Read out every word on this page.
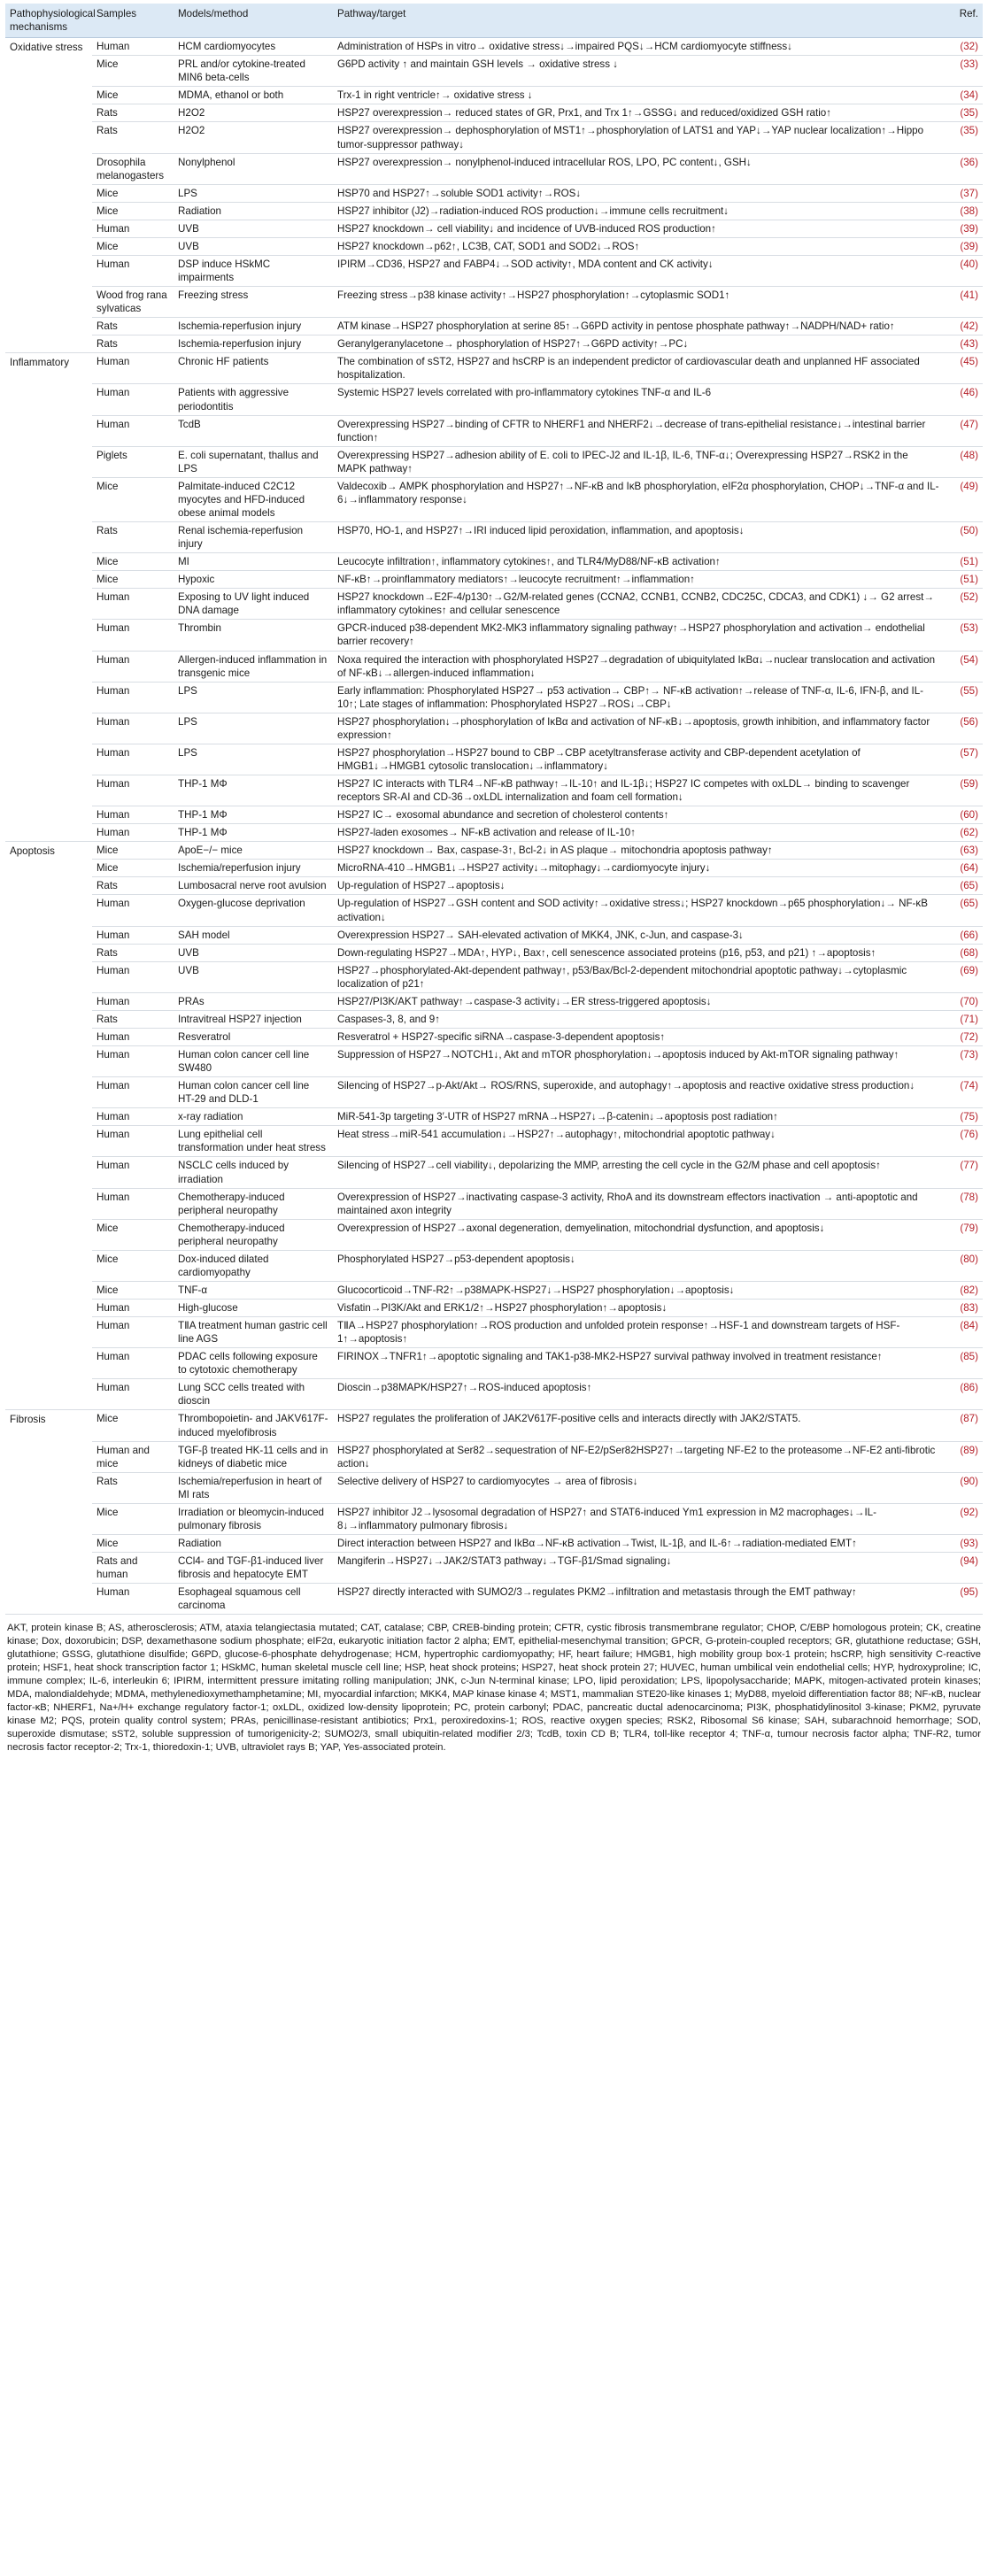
Pathophysiological mechanisms	Samples	Models/method	Pathway/target	Ref.
Oxidative stress	Human	HCM cardiomyocytes	Administration of HSPs in vitro→ oxidative stress↓→impaired PQS↓→HCM cardiomyocyte stiffness↓	(32)
	Mice	PRL and/or cytokine-treated MIN6 beta-cells	G6PD activity ↑ and maintain GSH levels → oxidative stress ↓	(33)
	Mice	MDMA, ethanol or both	Trx-1 in right ventricle↑→ oxidative stress ↓	(34)
	Rats	H2O2	HSP27 overexpression→ reduced states of GR, Prx1, and Trx 1↑→GSSG↓ and reduced/oxidized GSH ratio↑	(35)
	Rats	H2O2	HSP27 overexpression→ dephosphorylation of MST1↑→phosphorylation of LATS1 and YAP↓→YAP nuclear localization↑→Hippo tumor-suppressor pathway↓	(35)
	Drosophila melanogasters	Nonylphenol	HSP27 overexpression→ nonylphenol-induced intracellular ROS, LPO, PC content↓, GSH↓	(36)
	Mice	LPS	HSP70 and HSP27↑→soluble SOD1 activity↑→ROS↓	(37)
	Mice	Radiation	HSP27 inhibitor (J2)→radiation-induced ROS production↓→immune cells recruitment↓	(38)
	Human	UVB	HSP27 knockdown→ cell viability↓ and incidence of UVB-induced ROS production↑	(39)
	Mice	UVB	HSP27 knockdown→p62↑, LC3B, CAT, SOD1 and SOD2↓→ROS↑	(39)
	Human	DSP induce HSkMC impairments	IPIRM→CD36, HSP27 and FABP4↓→SOD activity↑, MDA content and CK activity↓	(40)
	Wood frog rana sylvaticas	Freezing stress	Freezing stress→p38 kinase activity↑→HSP27 phosphorylation↑→cytoplasmic SOD1↑	(41)
	Rats	Ischemia-reperfusion injury	ATM kinase→HSP27 phosphorylation at serine 85↑→G6PD activity in pentose phosphate pathway↑→NADPH/NAD+ ratio↑	(42)
	Rats	Ischemia-reperfusion injury	Geranylgeranylacetone→ phosphorylation of HSP27↑→G6PD activity↑→PC↓	(43)
Inflammatory	Human	Chronic HF patients	The combination of sST2, HSP27 and hsCRP is an independent predictor of cardiovascular death and unplanned HF associated hospitalization.	(45)
	Human	Patients with aggressive periodontitis	Systemic HSP27 levels correlated with pro-inflammatory cytokines TNF-α and IL-6	(46)
	Human	TcdB	Overexpressing HSP27→binding of CFTR to NHERF1 and NHERF2↓→decrease of trans-epithelial resistance↓→intestinal barrier function↑	(47)
	Piglets	E. coli supernatant, thallus and LPS	Overexpressing HSP27→adhesion ability of E. coli to IPEC-J2 and IL-1β, IL-6, TNF-α↓; Overexpressing HSP27→RSK2 in the MAPK pathway↑	(48)
	Mice	Palmitate-induced C2C12 myocytes and HFD-induced obese animal models	Valdecoxib→ AMPK phosphorylation and HSP27↑→NF-κB and IκB phosphorylation, eIF2α phosphorylation, CHOP↓→TNF-α and IL-6↓→inflammatory response↓	(49)
	Rats	Renal ischemia-reperfusion injury	HSP70, HO-1, and HSP27↑→IRI induced lipid peroxidation, inflammation, and apoptosis↓	(50)
	Mice	MI	Leucocyte infiltration↑, inflammatory cytokines↑, and TLR4/MyD88/NF-κB activation↑	(51)
	Mice	Hypoxic	NF-κB↑→proinflammatory mediators↑→leucocyte recruitment↑→inflammation↑	(51)
	Human	Exposing to UV light induced DNA damage	HSP27 knockdown→E2F-4/p130↑→G2/M-related genes (CCNA2, CCNB1, CCNB2, CDC25C, CDCA3, and CDK1) ↓→ G2 arrest→ inflammatory cytokines↑ and cellular senescence	(52)
	Human	Thrombin	GPCR-induced p38-dependent MK2-MK3 inflammatory signaling pathway↑→HSP27 phosphorylation and activation→ endothelial barrier recovery↑	(53)
	Human	Allergen-induced inflammation in transgenic mice	Noxa required the interaction with phosphorylated HSP27→degradation of ubiquitylated IκBα↓→nuclear translocation and activation of NF-κB↓→allergen-induced inflammation↓	(54)
	Human	LPS	Early inflammation: Phosphorylated HSP27→ p53 activation→ CBP↑→ NF-κB activation↑→release of TNF-α, IL-6, IFN-β, and IL-10↑; Late stages of inflammation: Phosphorylated HSP27→ROS↓→CBP↓	(55)
	Human	LPS	HSP27 phosphorylation↓→phosphorylation of IκBα and activation of NF-κB↓→apoptosis, growth inhibition, and inflammatory factor expression↑	(56)
	Human	LPS	HSP27 phosphorylation→HSP27 bound to CBP→CBP acetyltransferase activity and CBP-dependent acetylation of HMGB1↓→HMGB1 cytosolic translocation↓→inflammatory↓	(57)
	Human	THP-1 MΦ	HSP27 IC interacts with TLR4→NF-κB pathway↑→IL-10↑ and IL-1β↓; HSP27 IC competes with oxLDL→ binding to scavenger receptors SR-AI and CD-36→oxLDL internalization and foam cell formation↓	(59)
	Human	THP-1 MΦ	HSP27 IC→ exosomal abundance and secretion of cholesterol contents↑	(60)
	Human	THP-1 MΦ	HSP27-laden exosomes→ NF-κB activation and release of IL-10↑	(62)
Apoptosis	Mice	ApoE−/− mice	HSP27 knockdown→ Bax, caspase-3↑, Bcl-2↓ in AS plaque→ mitochondria apoptosis pathway↑	(63)
	Mice	Ischemia/reperfusion injury	MicroRNA-410→HMGB1↓→HSP27 activity↓→mitophagy↓→cardiomyocyte injury↓	(64)
	Rats	Lumbosacral nerve root avulsion	Up-regulation of HSP27→apoptosis↓	(65)
	Human	Oxygen-glucose deprivation	Up-regulation of HSP27→GSH content and SOD activity↑→oxidative stress↓; HSP27 knockdown→p65 phosphorylation↓→ NF-κB activation↓	(65)
	Human	SAH model	Overexpression HSP27→ SAH-elevated activation of MKK4, JNK, c-Jun, and caspase-3↓	(66)
	Rats	UVB	Down-regulating HSP27→MDA↑, HYP↓, Bax↑, cell senescence associated proteins (p16, p53, and p21) ↑→apoptosis↑	(68)
	Human	UVB	HSP27→phosphorylated-Akt-dependent pathway↑, p53/Bax/Bcl-2-dependent mitochondrial apoptotic pathway↓→cytoplasmic localization of p21↑	(69)
	Human	PRAs	HSP27/PI3K/AKT pathway↑→caspase-3 activity↓→ER stress-triggered apoptosis↓	(70)
	Rats	Intravitreal HSP27 injection	Caspases-3, 8, and 9↑	(71)
	Human	Resveratrol	Resveratrol + HSP27-specific siRNA→caspase-3-dependent apoptosis↑	(72)
	Human	Human colon cancer cell line SW480	Suppression of HSP27→NOTCH1↓, Akt and mTOR phosphorylation↓→apoptosis induced by Akt-mTOR signaling pathway↑	(73)
	Human	Human colon cancer cell line HT-29 and DLD-1	Silencing of HSP27→p-Akt/Akt→ ROS/RNS, superoxide, and autophagy↑→apoptosis and reactive oxidative stress production↓	(74)
	Human	x-ray radiation	MiR-541-3p targeting 3′-UTR of HSP27 mRNA→HSP27↓→β-catenin↓→apoptosis post radiation↑	(75)
	Human	Lung epithelial cell transformation under heat stress	Heat stress→miR-541 accumulation↓→HSP27↑→autophagy↑, mitochondrial apoptotic pathway↓	(76)
	Human	NSCLC cells induced by irradiation	Silencing of HSP27→cell viability↓, depolarizing the MMP, arresting the cell cycle in the G2/M phase and cell apoptosis↑	(77)
	Human	Chemotherapy-induced peripheral neuropathy	Overexpression of HSP27→inactivating caspase-3 activity, RhoA and its downstream effectors inactivation → anti-apoptotic and maintained axon integrity	(78)
	Mice	Chemotherapy-induced peripheral neuropathy	Overexpression of HSP27→axonal degeneration, demyelination, mitochondrial dysfunction, and apoptosis↓	(79)
	Mice	Dox-induced dilated cardiomyopathy	Phosphorylated HSP27→p53-dependent apoptosis↓	(80)
	Mice	TNF-α	Glucocorticoid→TNF-R2↑→p38MAPK-HSP27↓→HSP27 phosphorylation↓→apoptosis↓	(82)
	Human	High-glucose	Visfatin→PI3K/Akt and ERK1/2↑→HSP27 phosphorylation↑→apoptosis↓	(83)
	Human	TⅡA treatment human gastric cell line AGS	TⅡA→HSP27 phosphorylation↑→ROS production and unfolded protein response↑→HSF-1 and downstream targets of HSF-1↑→apoptosis↑	(84)
	Human	PDAC cells following exposure to cytotoxic chemotherapy	FIRINOX→TNFR1↑→apoptotic signaling and TAK1-p38-MK2-HSP27 survival pathway involved in treatment resistance↑	(85)
	Human	Lung SCC cells treated with dioscin	Dioscin→p38MAPK/HSP27↑→ROS-induced apoptosis↑	(86)
Fibrosis	Mice	Thrombopoietin- and JAKV617F-induced myelofibrosis	HSP27 regulates the proliferation of JAK2V617F-positive cells and interacts directly with JAK2/STAT5.	(87)
	Human and mice	TGF-β treated HK-11 cells and in kidneys of diabetic mice	HSP27 phosphorylated at Ser82→sequestration of NF-E2/pSer82HSP27↑→targeting NF-E2 to the proteasome→NF-E2 anti-fibrotic action↓	(89)
	Rats	Ischemia/reperfusion in heart of MI rats	Selective delivery of HSP27 to cardiomyocytes → area of fibrosis↓	(90)
	Mice	Irradiation or bleomycin-induced pulmonary fibrosis	HSP27 inhibitor J2→lysosomal degradation of HSP27↑ and STAT6-induced Ym1 expression in M2 macrophages↓→IL-8↓→inflammatory pulmonary fibrosis↓	(92)
	Mice	Radiation	Direct interaction between HSP27 and IkBα→NF-κB activation→Twist, IL-1β, and IL-6↑→radiation-mediated EMT↑	(93)
	Rats and human	CCl4- and TGF-β1-induced liver fibrosis and hepatocyte EMT	Mangiferin→HSP27↓→JAK2/STAT3 pathway↓→TGF-β1/Smad signaling↓	(94)
	Human	Esophageal squamous cell carcinoma	HSP27 directly interacted with SUMO2/3→regulates PKM2→infiltration and metastasis through the EMT pathway↑	(95)

AKT, protein kinase B; AS, atherosclerosis; ATM, ataxia telangiectasia mutated; CAT, catalase; CBP, CREB-binding protein; CFTR, cystic fibrosis transmembrane regulator; CHOP, C/EBP homologous protein; CK, creatine kinase; Dox, doxorubicin; DSP, dexamethasone sodium phosphate; eIF2α, eukaryotic initiation factor 2 alpha; EMT, epithelial-mesenchymal transition; GPCR, G-protein-coupled receptors; GR, glutathione reductase; GSH, glutathione; GSSG, glutathione disulfide; G6PD, glucose-6-phosphate dehydrogenase; HCM, hypertrophic cardiomyopathy; HF, heart failure; HMGB1, high mobility group box-1 protein; hsCRP, high sensitivity C-reactive protein; HSF1, heat shock transcription factor 1; HSkMC, human skeletal muscle cell line; HSP, heat shock proteins; HSP27, heat shock protein 27; HUVEC, human umbilical vein endothelial cells; HYP, hydroxyproline; IC, immune complex; IL-6, interleukin 6; IPIRM, intermittent pressure imitating rolling manipulation; JNK, c-Jun N-terminal kinase; LPO, lipid peroxidation; LPS, lipopolysaccharide; MAPK, mitogen-activated protein kinases; MDA, malondialdehyde; MDMA, methylenedioxymethamphetamine; MI, myocardial infarction; MKK4, MAP kinase kinase 4; MST1, mammalian STE20-like kinases 1; MyD88, myeloid differentiation factor 88; NF-κB, nuclear factor-κB; NHERF1, Na+/H+ exchange regulatory factor-1; oxLDL, oxidized low-density lipoprotein; PC, protein carbonyl; PDAC, pancreatic ductal adenocarcinoma; PI3K, phosphatidylinositol 3-kinase; PKM2, pyruvate kinase M2; PQS, protein quality control system; PRAs, penicillinase-resistant antibiotics; Prx1, peroxiredoxins-1; ROS, reactive oxygen species; RSK2, Ribosomal S6 kinase; SAH, subarachnoid hemorrhage; SOD, superoxide dismutase; sST2, soluble suppression of tumorigenicity-2; SUMO2/3, small ubiquitin-related modifier 2/3; TcdB, toxin CD B; TLR4, toll-like receptor 4; TNF-α, tumour necrosis factor alpha; TNF-R2, tumor necrosis factor receptor-2; Trx-1, thioredoxin-1; UVB, ultraviolet rays B; YAP, Yes-associated protein.
